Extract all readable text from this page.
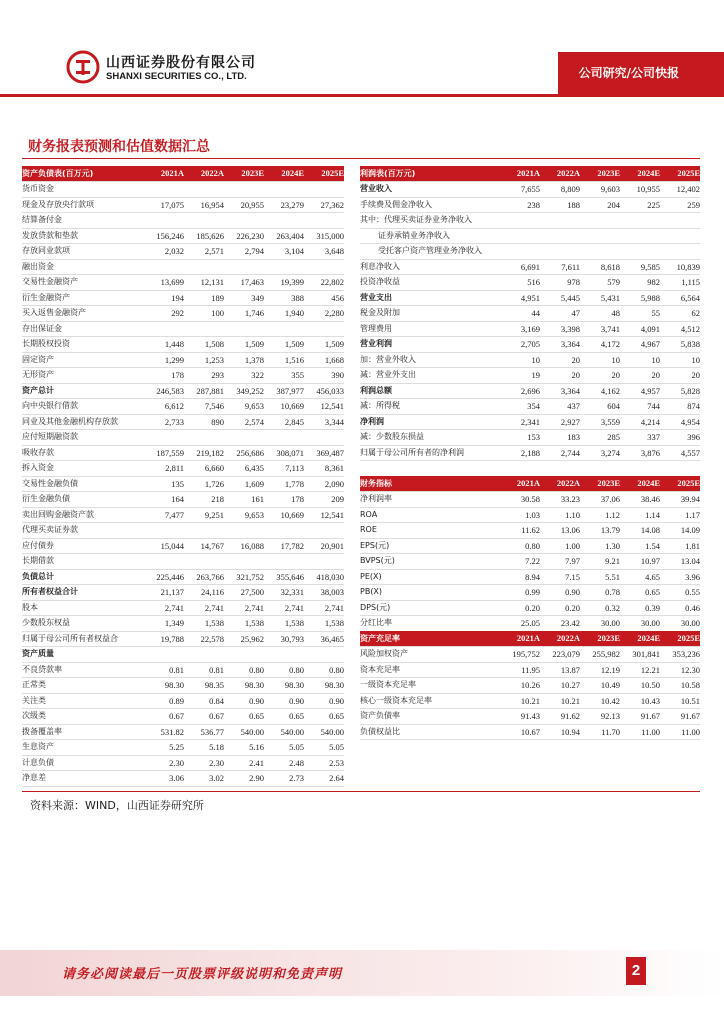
山西证券股份有限公司
SHANXI SECURITIES CO., LTD.	公司研究/公司快报
财务报表预测和估值数据汇总
资产负债表(百万元)	2021A	2022A	2023E	2024E	2025E
货币资金					
现金及存放央行款项	17,075	16,954	20,955	23,279	27,362
结算备付金					
发放贷款和垫款	156,246	185,626	226,230	263,404	315,000
存放同业款项	2,032	2,571	2,794	3,104	3,648
融出资金					
交易性金融资产	13,699	12,131	17,463	19,399	22,802
衍生金融资产	194	189	349	388	456
买入返售金融资产	292	100	1,746	1,940	2,280
存出保证金					
长期股权投资	1,448	1,508	1,509	1,509	1,509
固定资产	1,299	1,253	1,378	1,516	1,668
无形资产	178	293	322	355	390
资产总计	246,583	287,881	349,252	387,977	456,033
向中央银行借款	6,612	7,546	9,653	10,669	12,541
同业及其他金融机构存放款	2,733	890	2,574	2,845	3,344
应付短期融资款					
吸收存款	187,559	219,182	256,686	308,071	369,487
拆入资金	2,811	6,660	6,435	7,113	8,361
交易性金融负债	135	1,726	1,609	1,778	2,090
衍生金融负债	164	218	161	178	209
卖出回购金融资产款	7,477	9,251	9,653	10,669	12,541
代理买卖证券款					
应付债券	15,044	14,767	16,088	17,782	20,901
长期借款					
负债总计	225,446	263,766	321,752	355,646	418,030
所有者权益合计	21,137	24,116	27,500	32,331	38,003
股本	2,741	2,741	2,741	2,741	2,741
少数股东权益	1,349	1,538	1,538	1,538	1,538
归属于母公司所有者权益合	19,788	22,578	25,962	30,793	36,465
资产质量					
不良贷款率	0.81	0.81	0.80	0.80	0.80
正常类	98.30	98.35	98.30	98.30	98.30
关注类	0.89	0.84	0.90	0.90	0.90
次级类	0.67	0.67	0.65	0.65	0.65
拨备覆盖率	531.82	536.77	540.00	540.00	540.00
生息资产	5.25	5.18	5.16	5.05	5.05
计息负债	2.30	2.30	2.41	2.48	2.53
净息差	3.06	3.02	2.90	2.73	2.64
利润表(百万元)	2021A	2022A	2023E	2024E	2025E
营业收入	7,655	8,809	9,603	10,955	12,402
手续费及佣金净收入	238	188	204	225	259
其中：代理买卖证券业务净收入					
证券承销业务净收入					
受托客户资产管理业务净收入					
利息净收入	6,691	7,611	8,618	9,585	10,839
投资净收益	516	978	579	982	1,115
营业支出	4,951	5,445	5,431	5,988	6,564
税金及附加	44	47	48	55	62
管理费用	3,169	3,398	3,741	4,091	4,512
营业利润	2,705	3,364	4,172	4,967	5,838
加：营业外收入	10	20	10	10	10
减：营业外支出	19	20	20	20	20
利润总额	2,696	3,364	4,162	4,957	5,828
减：所得税	354	437	604	744	874
净利润	2,341	2,927	3,559	4,214	4,954
减：少数股东损益	153	183	285	337	396
归属于母公司所有者的净利润	2,188	2,744	3,274	3,876	4,557
财务指标	2021A	2022A	2023E	2024E	2025E
净利润率	30.58	33.23	37.06	38.46	39.94
ROA	1.03	1.10	1.12	1.14	1.17
ROE	11.62	13.06	13.79	14.08	14.09
EPS(元)	0.80	1.00	1.30	1.54	1.81
BVPS(元)	7.22	7.97	9.21	10.97	13.04
PE(X)	8.94	7.15	5.51	4.65	3.96
PB(X)	0.99	0.90	0.78	0.65	0.55
DPS(元)	0.20	0.20	0.32	0.39	0.46
分红比率	25.05	23.42	30.00	30.00	30.00
资产充足率	2021A	2022A	2023E	2024E	2025E
风险加权资产	195,752	223,079	255,982	301,841	353,236
资本充足率	11.95	13.87	12.19	12.21	12.30
一级资本充足率	10.26	10.27	10.49	10.50	10.58
核心一级资本充足率	10.21	10.21	10.42	10.43	10.51
资产负债率	91.43	91.62	92.13	91.67	91.67
负债权益比	10.67	10.94	11.70	11.00	11.00
资料来源：WIND，山西证券研究所
请务必阅读最后一页股票评级说明和免责声明	2
